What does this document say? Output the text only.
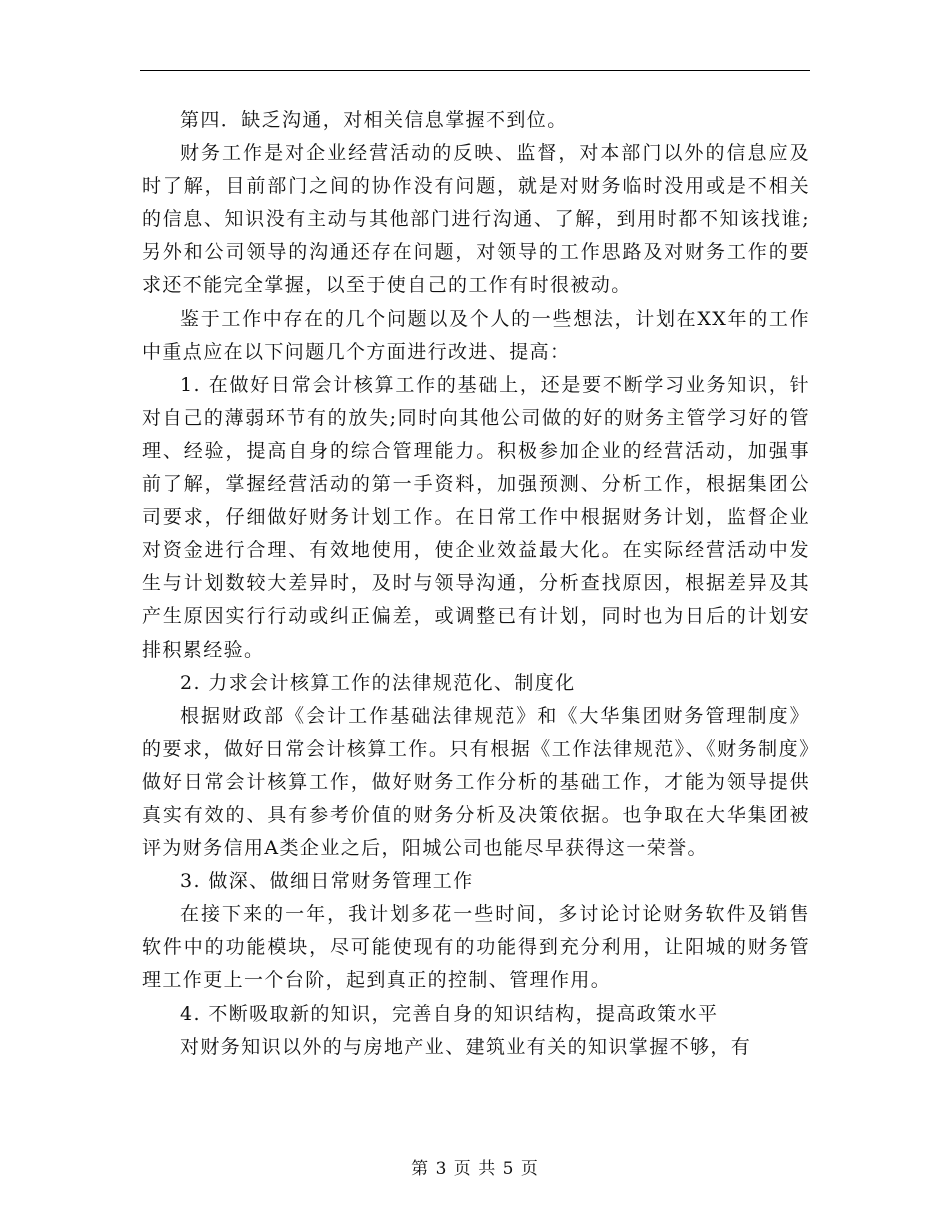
第四．缺乏沟通，对相关信息掌握不到位。

财务工作是对企业经营活动的反映、监督，对本部门以外的信息应及时了解，目前部门之间的协作没有问题，就是对财务临时没用或是不相关的信息、知识没有主动与其他部门进行沟通、了解，到用时都不知该找谁;另外和公司领导的沟通还存在问题，对领导的工作思路及对财务工作的要求还不能完全掌握，以至于使自己的工作有时很被动。

鉴于工作中存在的几个问题以及个人的一些想法，计划在XX年的工作中重点应在以下问题几个方面进行改进、提高：

1. 在做好日常会计核算工作的基础上，还是要不断学习业务知识，针对自己的薄弱环节有的放失;同时向其他公司做的好的财务主管学习好的管理、经验，提高自身的综合管理能力。积极参加企业的经营活动，加强事前了解，掌握经营活动的第一手资料，加强预测、分析工作，根据集团公司要求，仔细做好财务计划工作。在日常工作中根据财务计划，监督企业对资金进行合理、有效地使用，使企业效益最大化。在实际经营活动中发生与计划数较大差异时，及时与领导沟通，分析查找原因，根据差异及其产生原因实行行动或纠正偏差，或调整已有计划，同时也为日后的计划安排积累经验。

2. 力求会计核算工作的法律规范化、制度化

根据财政部《会计工作基础法律规范》和《大华集团财务管理制度》的要求，做好日常会计核算工作。只有根据《工作法律规范》、《财务制度》做好日常会计核算工作，做好财务工作分析的基础工作，才能为领导提供真实有效的、具有参考价值的财务分析及决策依据。也争取在大华集团被评为财务信用A类企业之后，阳城公司也能尽早获得这一荣誉。

3. 做深、做细日常财务管理工作

在接下来的一年，我计划多花一些时间，多讨论讨论财务软件及销售软件中的功能模块，尽可能使现有的功能得到充分利用，让阳城的财务管理工作更上一个台阶，起到真正的控制、管理作用。

4. 不断吸取新的知识，完善自身的知识结构，提高政策水平

对财务知识以外的与房地产业、建筑业有关的知识掌握不够，有

第 3 页 共 5 页
